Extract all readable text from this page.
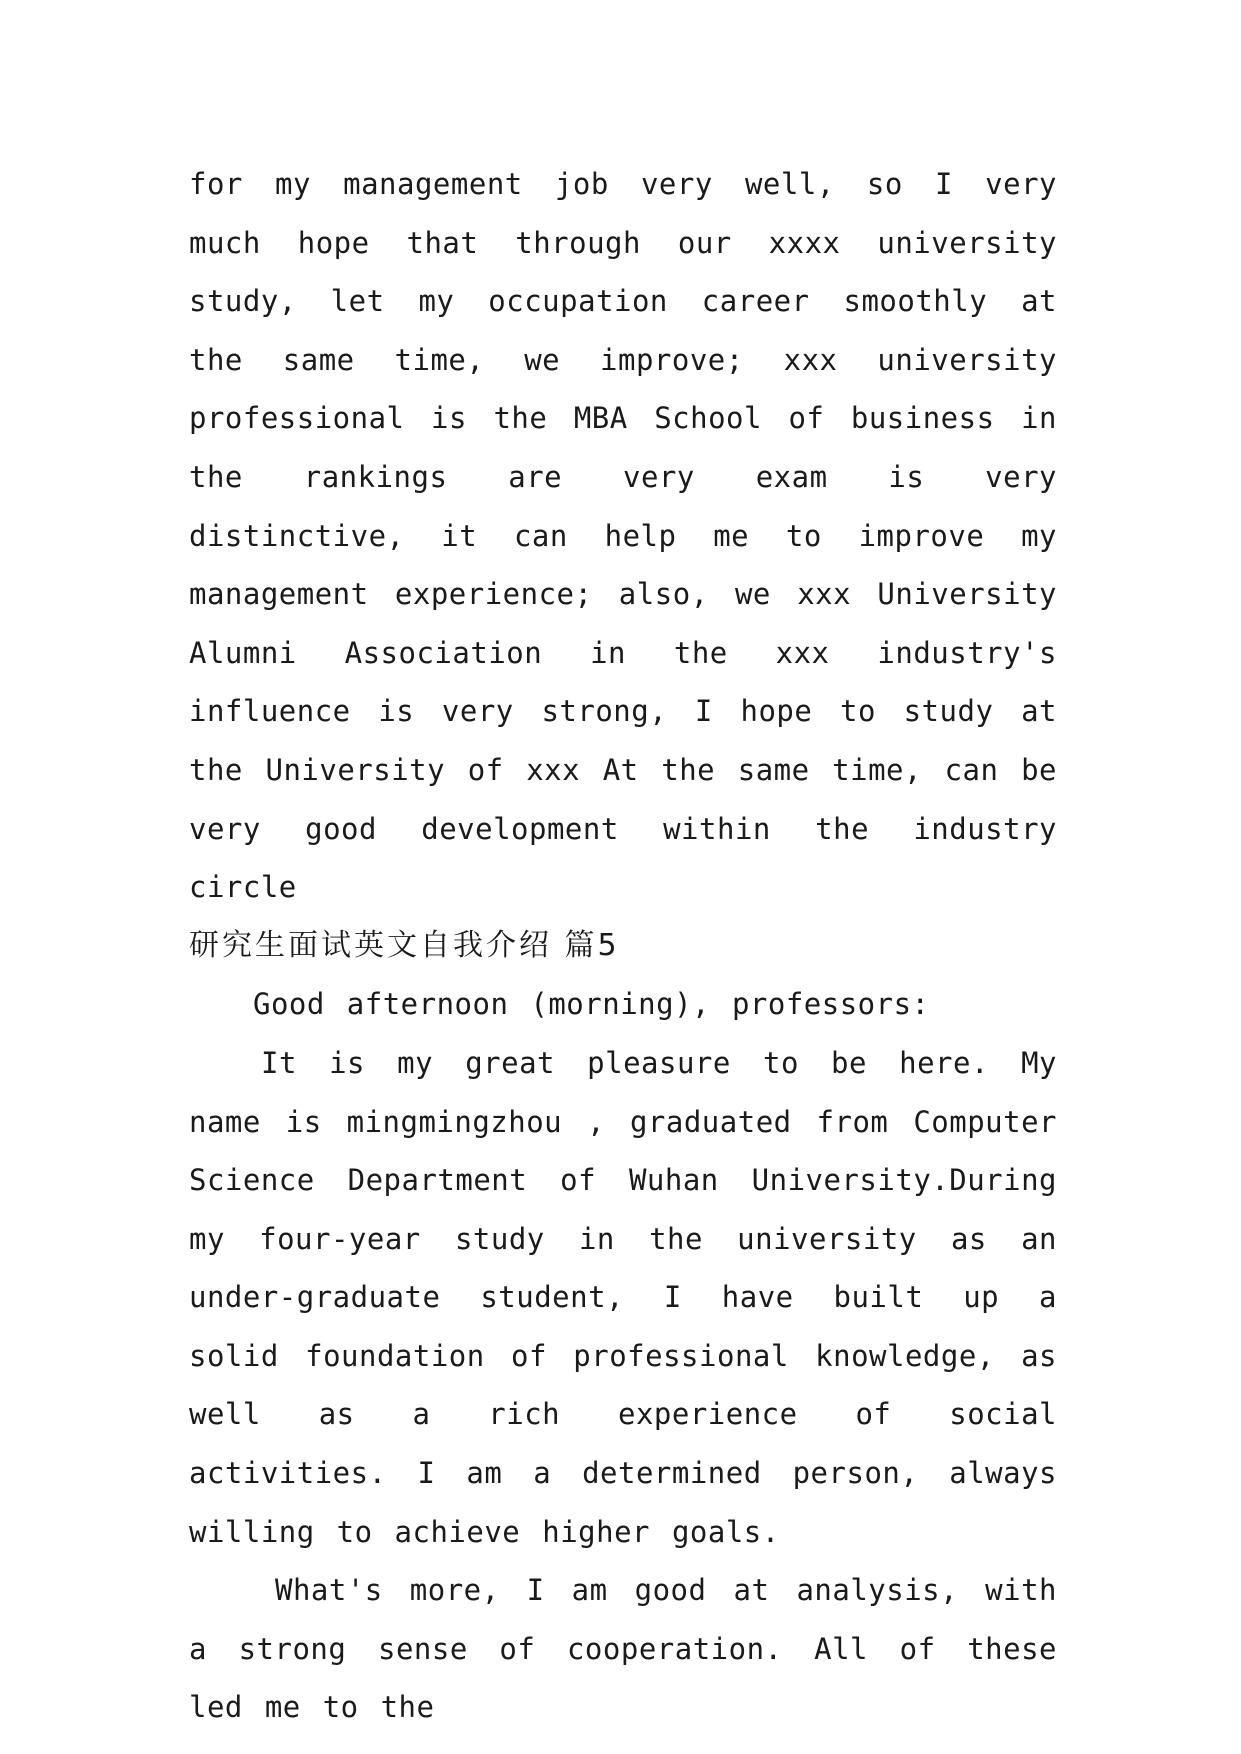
for my management job very well, so I very much hope that through our xxxx university study, let my occupation career smoothly at the same time, we improve; xxx university professional is the MBA School of business in the rankings are very exam is very distinctive, it can help me to improve my management experience; also, we xxx University Alumni Association in the xxx industry's influence is very strong, I hope to study at the University of xxx At the same time, can be very good development within the industry circle

研究生面试英文自我介绍 篇5

Good afternoon (morning), professors:

It is my great pleasure to be here. My name is mingmingzhou , graduated from Computer Science Department of Wuhan University.During my four-year study in the university as an under-graduate student, I have built up a solid foundation of professional knowledge, as well as a rich experience of social activities. I am a determined person, always willing to achieve higher goals.

What's more, I am good at analysis, with a strong sense of cooperation. All of these led me to the
